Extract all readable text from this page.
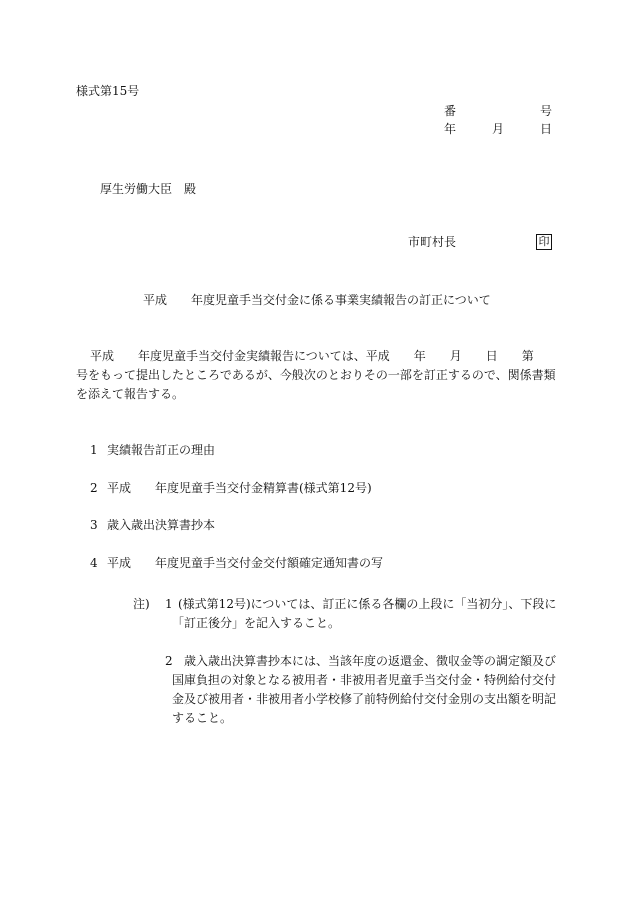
様式第15号
番	号
年	月	日
厚生労働大臣　殿
市町村長	印
平成　　年度児童手当交付金に係る事業実績報告の訂正について
平成　　年度児童手当交付金実績報告については、平成　　年　　月　　日　　第
号をもって提出したところであるが、今般次のとおりその一部を訂正するので、関係書類
を添えて報告する。
1 実績報告訂正の理由
2 平成　　年度児童手当交付金精算書(様式第12号)
3 歳入歳出決算書抄本
4 平成　　年度児童手当交付金交付額確定通知書の写
注) 1 (様式第12号)については、訂正に係る各欄の上段に「当初分」、下段に
「訂正後分」を記入すること。
2 歳入歳出決算書抄本には、当該年度の返還金、徴収金等の調定額及び
国庫負担の対象となる被用者・非被用者児童手当交付金・特例給付交付
金及び被用者・非被用者小学校修了前特例給付交付金別の支出額を明記
すること。
